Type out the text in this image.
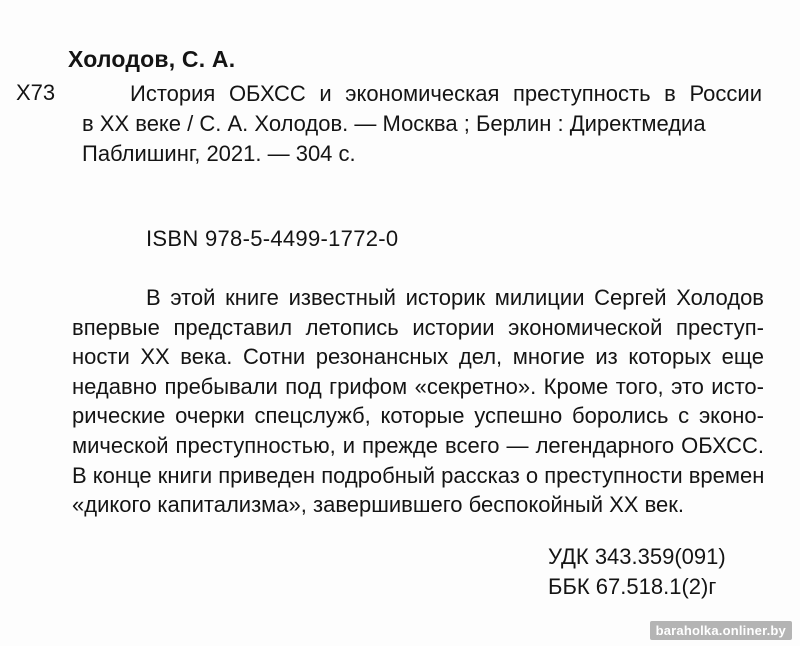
Холодов, С. А.
Х73	История ОБХСС и экономическая преступность в России
в XX веке / С. А. Холодов. — Москва ; Берлин : Директмедиа
Паблишинг, 2021. — 304 с.
ISBN 978-5-4499-1772-0
В этой книге известный историк милиции Сергей Холодов
впервые представил летопись истории экономической преступ-
ности XX века. Сотни резонансных дел, многие из которых еще
недавно пребывали под грифом «секретно». Кроме того, это исто-
рические очерки спецслужб, которые успешно боролись с эконо-
мической преступностью, и прежде всего — легендарного ОБХСС.
В конце книги приведен подробный рассказ о преступности времен
«дикого капитализма», завершившего беспокойный XX век.
УДК 343.359(091)
ББК 67.518.1(2)г
baraholka.onliner.by
